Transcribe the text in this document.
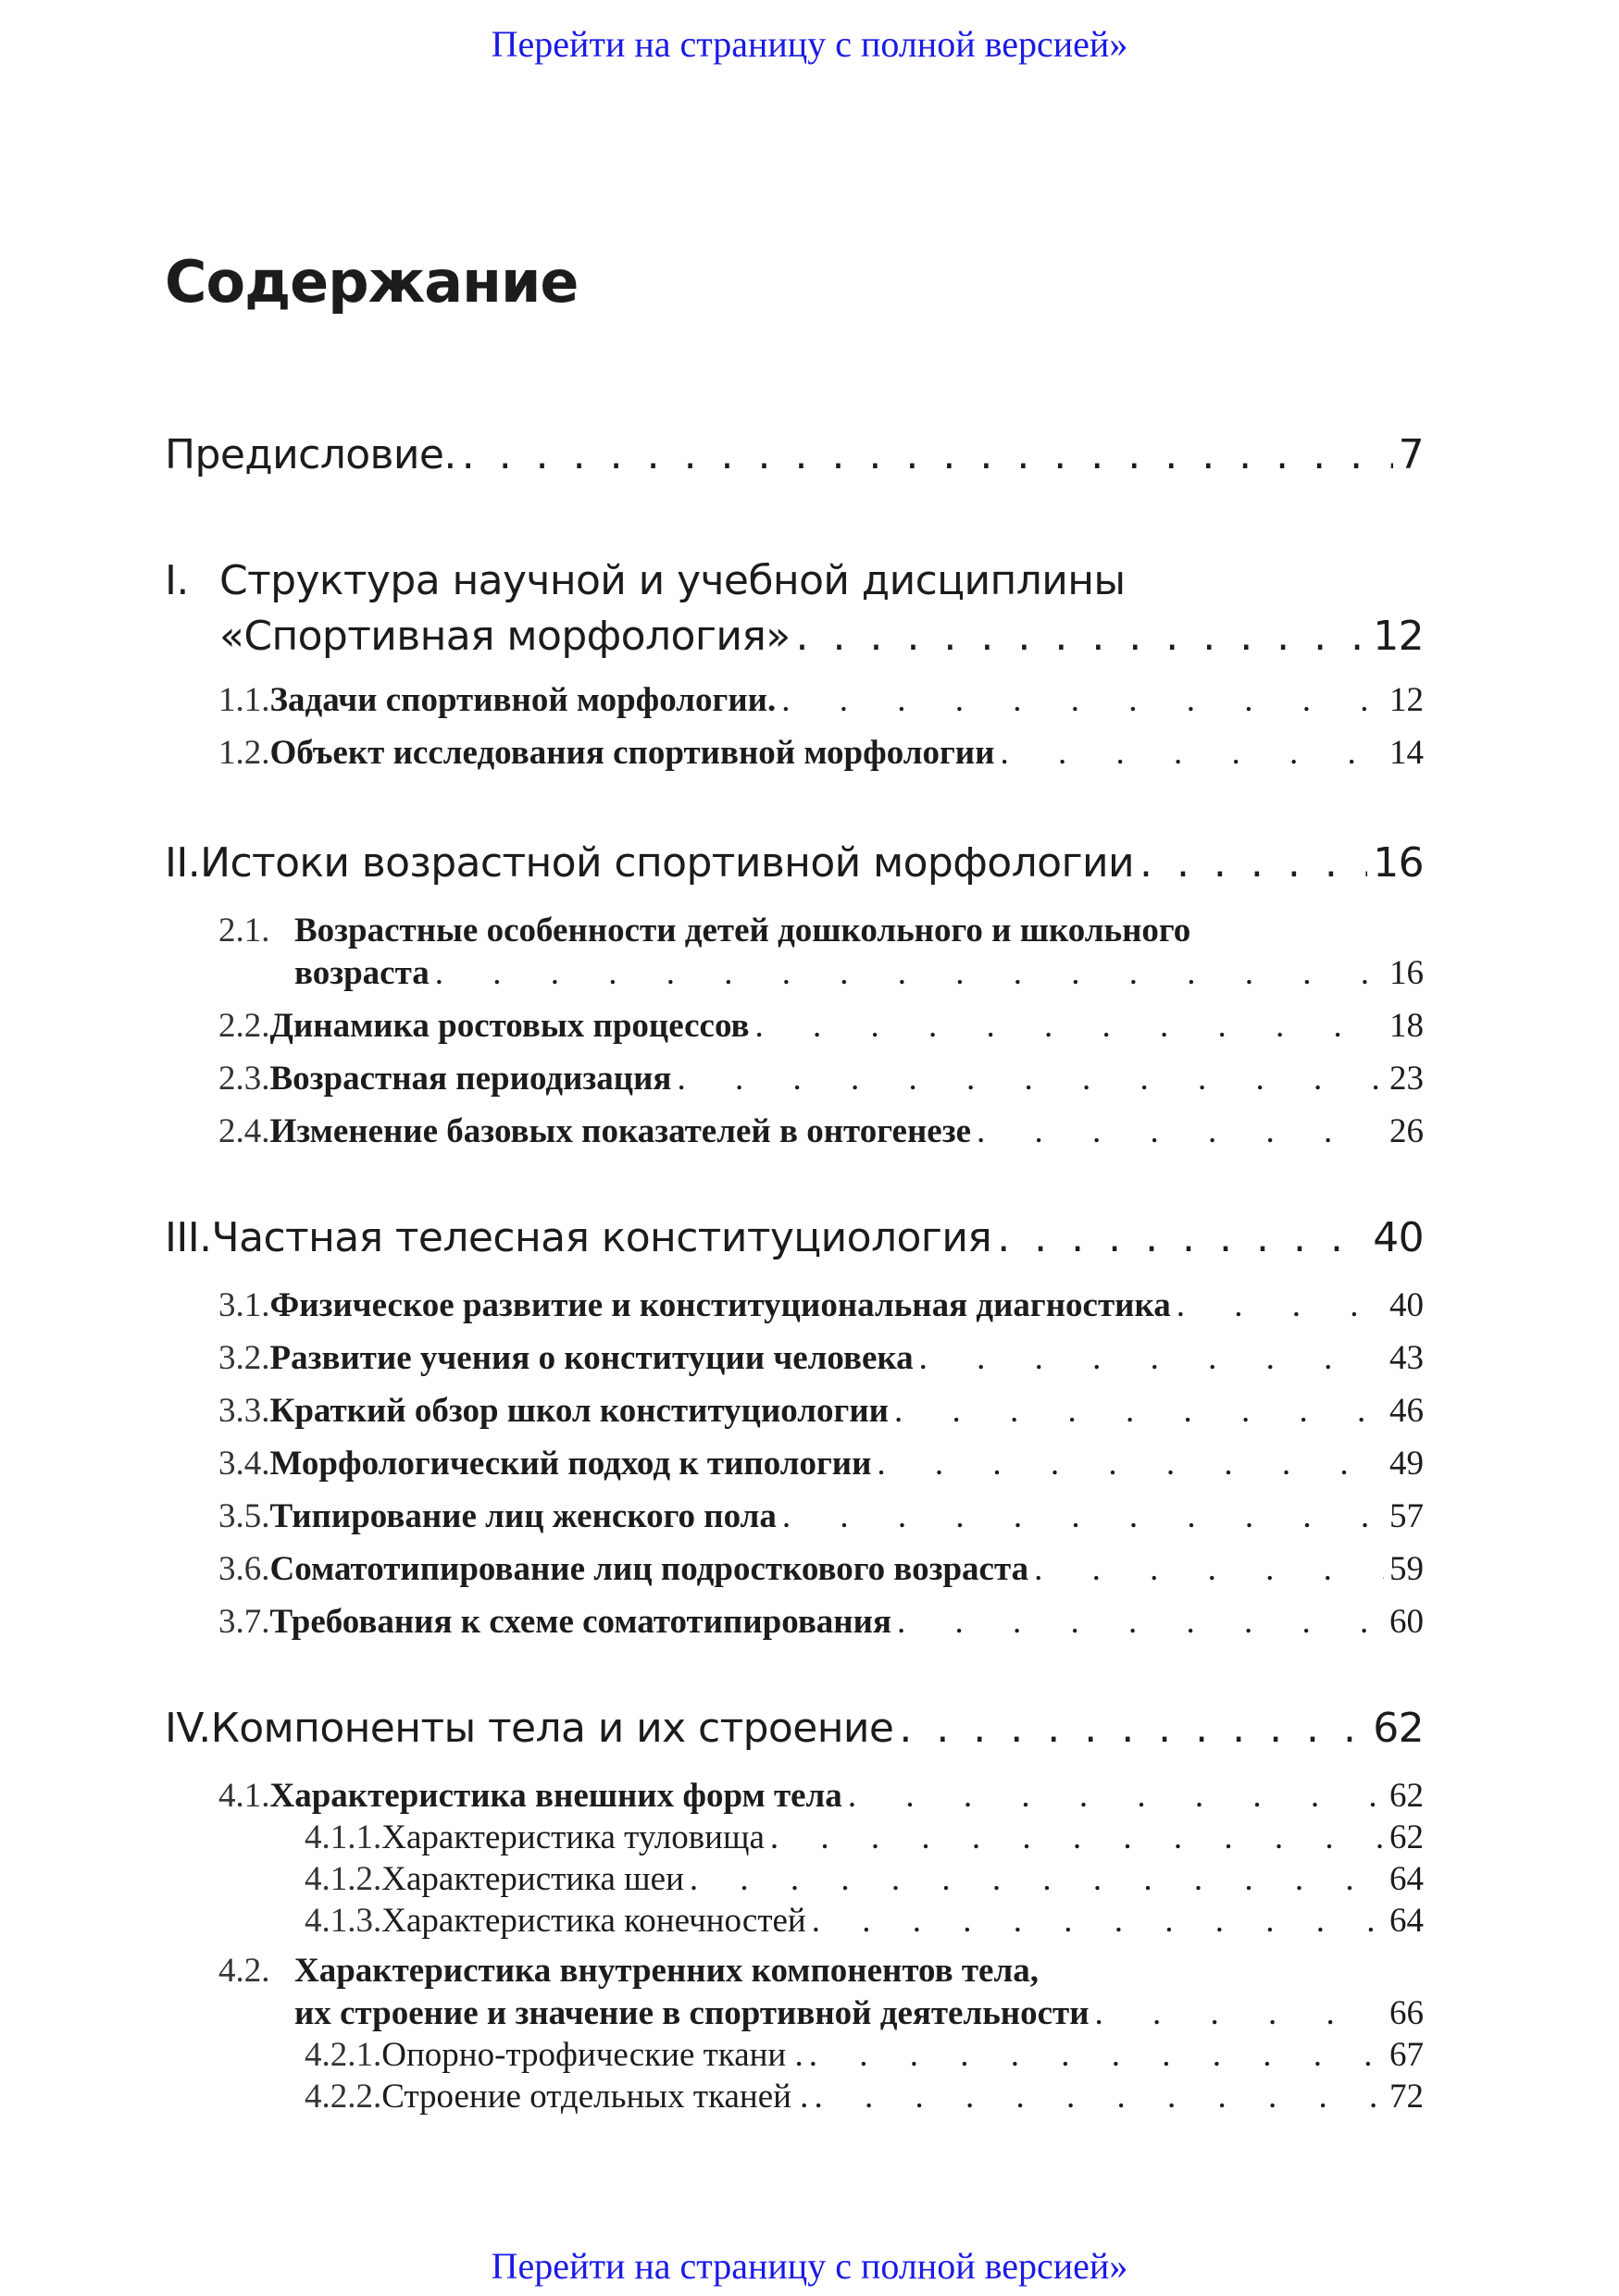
Перейти на страницу с полной версией»
Содержание
Предисловие. . . .	7
I. Структура научной и учебной дисциплины
«Спортивная морфология» . . .	12
1.1. Задачи спортивной морфологии. . . .	12
1.2. Объект исследования спортивной морфологии . . .	14
II. Истоки возрастной спортивной морфологии . . .	16
2.1. Возрастные особенности детей дошкольного и школьного
возраста . . .	16
2.2. Динамика ростовых процессов . . .	18
2.3. Возрастная периодизация . . .	23
2.4. Изменение базовых показателей в онтогенезе . . .	26
III. Частная телесная конституциология . . .	40
3.1. Физическое развитие и конституциональная диагностика . . .	40
3.2. Развитие учения о конституции человека . . .	43
3.3. Краткий обзор школ конституциологии . . .	46
3.4. Морфологический подход к типологии . . .	49
3.5. Типирование лиц женского пола . . .	57
3.6. Соматотипирование лиц подросткового возраста . . .	59
3.7. Требования к схеме соматотипирования . . .	60
IV. Компоненты тела и их строение . . .	62
4.1. Характеристика внешних форм тела . . .	62
4.1.1. Характеристика туловища . . .	62
4.1.2. Характеристика шеи . . .	64
4.1.3. Характеристика конечностей . . .	64
4.2. Характеристика внутренних компонентов тела,
их строение и значение в спортивной деятельности . . .	66
4.2.1. Опорно-трофические ткани . . . .	67
4.2.2. Строение отдельных тканей . . . .	72
Перейти на страницу с полной версией»
